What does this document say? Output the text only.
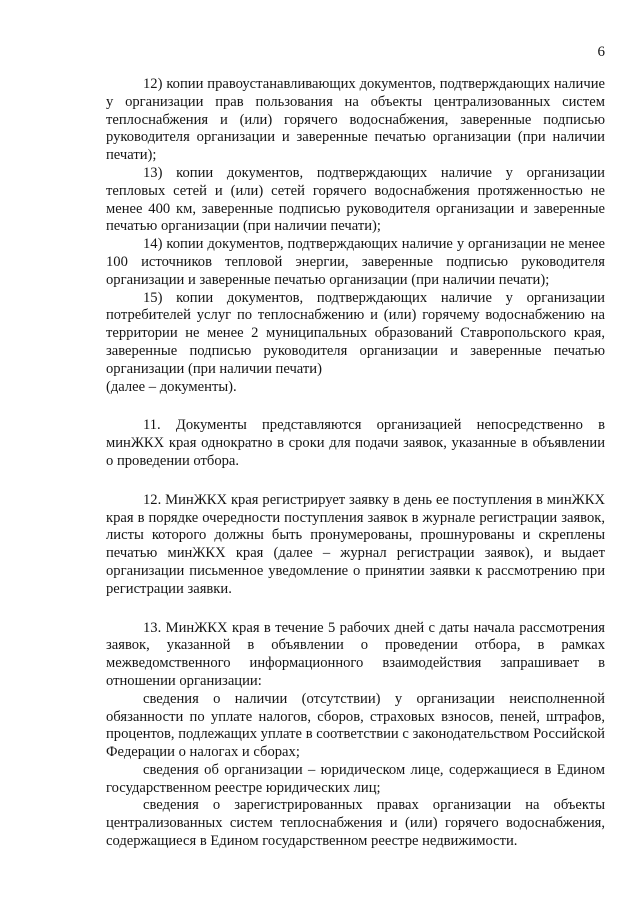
6

12) копии правоустанавливающих документов, подтверждающих наличие у организации прав пользования на объекты централизованных систем теплоснабжения и (или) горячего водоснабжения, заверенные подписью руководителя организации и заверенные печатью организации (при наличии печати);

13) копии документов, подтверждающих наличие у организации тепловых сетей и (или) сетей горячего водоснабжения протяженностью не менее 400 км, заверенные подписью руководителя организации и заверенные печатью организации (при наличии печати);

14) копии документов, подтверждающих наличие у организации не менее 100 источников тепловой энергии, заверенные подписью руководителя организации и заверенные печатью организации (при наличии печати);

15) копии документов, подтверждающих наличие у организации потребителей услуг по теплоснабжению и (или) горячему водоснабжению на территории не менее 2 муниципальных образований Ставропольского края, заверенные подписью руководителя организации и заверенные печатью организации (при наличии печати)

(далее – документы).

11. Документы представляются организацией непосредственно в минЖКХ края однократно в сроки для подачи заявок, указанные в объявлении о проведении отбора.

12. МинЖКХ края регистрирует заявку в день ее поступления в минЖКХ края в порядке очередности поступления заявок в журнале регистрации заявок, листы которого должны быть пронумерованы, прошнурованы и скреплены печатью минЖКХ края (далее – журнал регистрации заявок), и выдает организации письменное уведомление о принятии заявки к рассмотрению при регистрации заявки.

13. МинЖКХ края в течение 5 рабочих дней с даты начала рассмотрения заявок, указанной в объявлении о проведении отбора, в рамках межведомственного информационного взаимодействия запрашивает в отношении организации:

сведения о наличии (отсутствии) у организации неисполненной обязанности по уплате налогов, сборов, страховых взносов, пеней, штрафов, процентов, подлежащих уплате в соответствии с законодательством Российской Федерации о налогах и сборах;

сведения об организации – юридическом лице, содержащиеся в Едином государственном реестре юридических лиц;

сведения о зарегистрированных правах организации на объекты централизованных систем теплоснабжения и (или) горячего водоснабжения, содержащиеся в Едином государственном реестре недвижимости.
